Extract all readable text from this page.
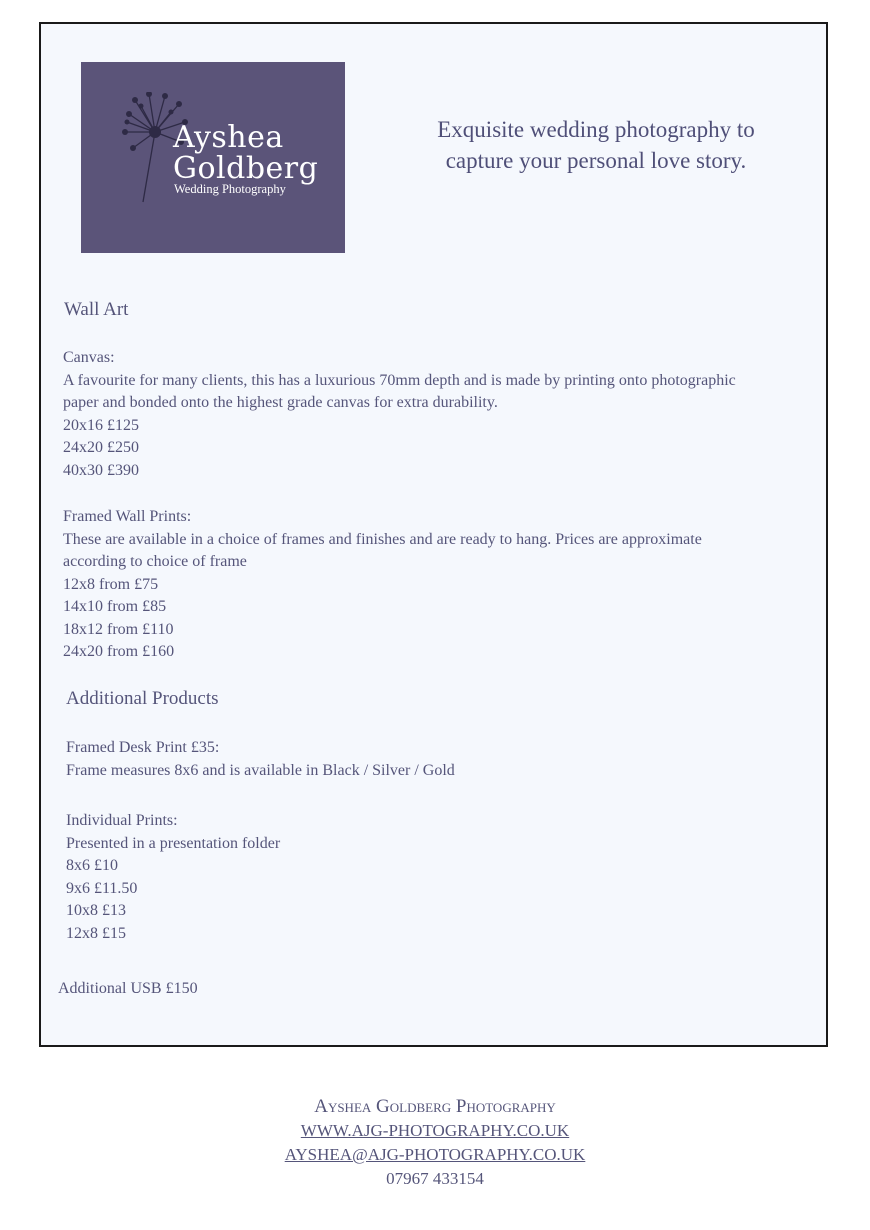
Ayshea
Goldberg
Wedding Photography
Exquisite wedding photography to
capture your personal love story.
Wall Art
Canvas:
A favourite for many clients, this has a luxurious 70mm depth and is made by printing onto photographic
paper and bonded onto the highest grade canvas for extra durability.
20x16 £125
24x20 £250
40x30 £390
Framed Wall Prints:
These are available in a choice of frames and finishes and are ready to hang. Prices are approximate
according to choice of frame
12x8 from £75
14x10 from £85
18x12 from £110
24x20 from £160
Additional Products
Framed Desk Print £35:
Frame measures 8x6 and is available in Black / Silver / Gold
Individual Prints:
Presented in a presentation folder
8x6 £10
9x6 £11.50
10x8 £13
12x8 £15
Additional USB £150
Ayshea Goldberg Photography
WWW.AJG-PHOTOGRAPHY.CO.UK
AYSHEA@AJG-PHOTOGRAPHY.CO.UK
07967 433154
